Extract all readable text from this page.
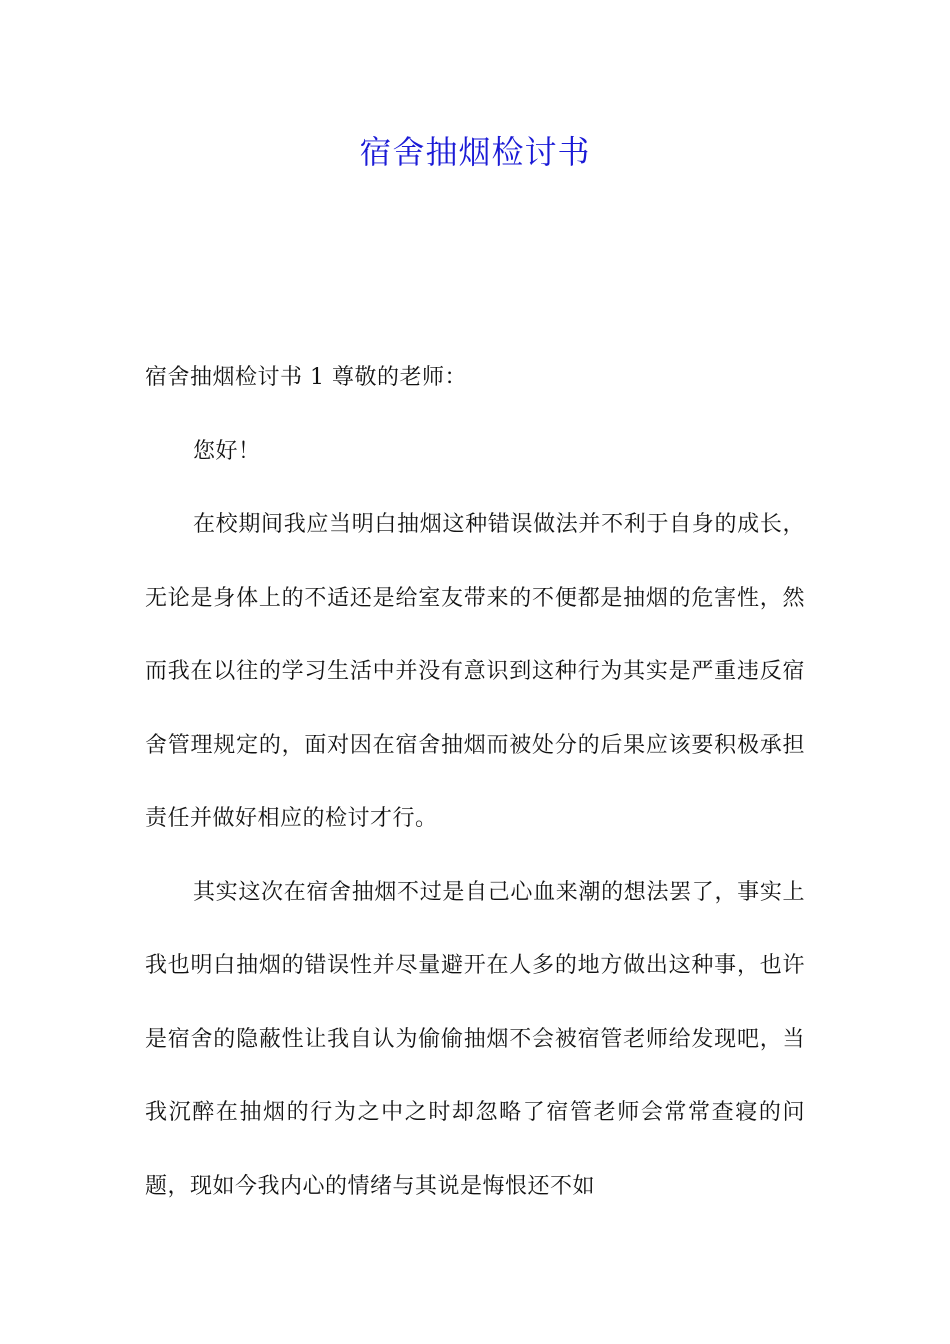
宿舍抽烟检讨书

宿舍抽烟检讨书 1 尊敬的老师：

您好！

在校期间我应当明白抽烟这种错误做法并不利于自身的成长，无论是身体上的不适还是给室友带来的不便都是抽烟的危害性，然而我在以往的学习生活中并没有意识到这种行为其实是严重违反宿舍管理规定的，面对因在宿舍抽烟而被处分的后果应该要积极承担责任并做好相应的检讨才行。

其实这次在宿舍抽烟不过是自己心血来潮的想法罢了，事实上我也明白抽烟的错误性并尽量避开在人多的地方做出这种事，也许是宿舍的隐蔽性让我自认为偷偷抽烟不会被宿管老师给发现吧，当我沉醉在抽烟的行为之中之时却忽略了宿管老师会常常查寝的问题，现如今我内心的情绪与其说是悔恨还不如
